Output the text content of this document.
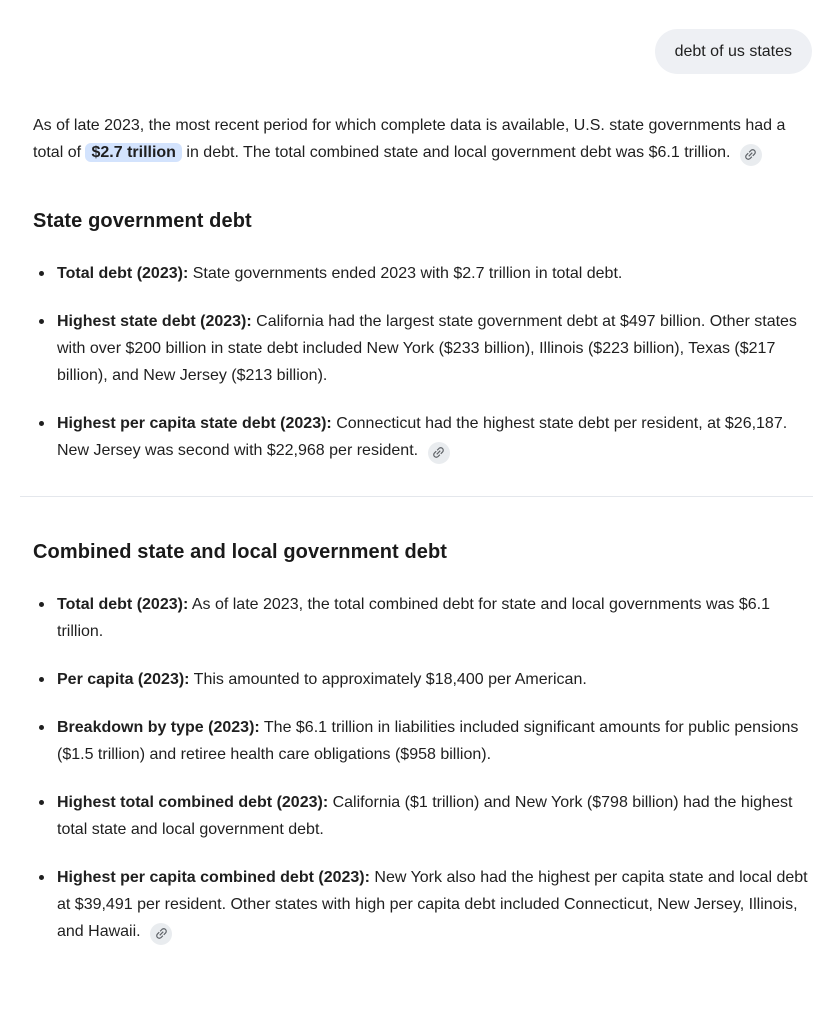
debt of us states

As of late 2023, the most recent period for which complete data is available, U.S. state governments had a total of $2.7 trillion in debt. The total combined state and local government debt was $6.1 trillion.

State government debt
Total debt (2023): State governments ended 2023 with $2.7 trillion in total debt.
Highest state debt (2023): California had the largest state government debt at $497 billion. Other states with over $200 billion in state debt included New York ($233 billion), Illinois ($223 billion), Texas ($217 billion), and New Jersey ($213 billion).
Highest per capita state debt (2023): Connecticut had the highest state debt per resident, at $26,187. New Jersey was second with $22,968 per resident.
Combined state and local government debt
Total debt (2023): As of late 2023, the total combined debt for state and local governments was $6.1 trillion.
Per capita (2023): This amounted to approximately $18,400 per American.
Breakdown by type (2023): The $6.1 trillion in liabilities included significant amounts for public pensions ($1.5 trillion) and retiree health care obligations ($958 billion).
Highest total combined debt (2023): California ($1 trillion) and New York ($798 billion) had the highest total state and local government debt.
Highest per capita combined debt (2023): New York also had the highest per capita state and local debt at $39,491 per resident. Other states with high per capita debt included Connecticut, New Jersey, Illinois, and Hawaii.
